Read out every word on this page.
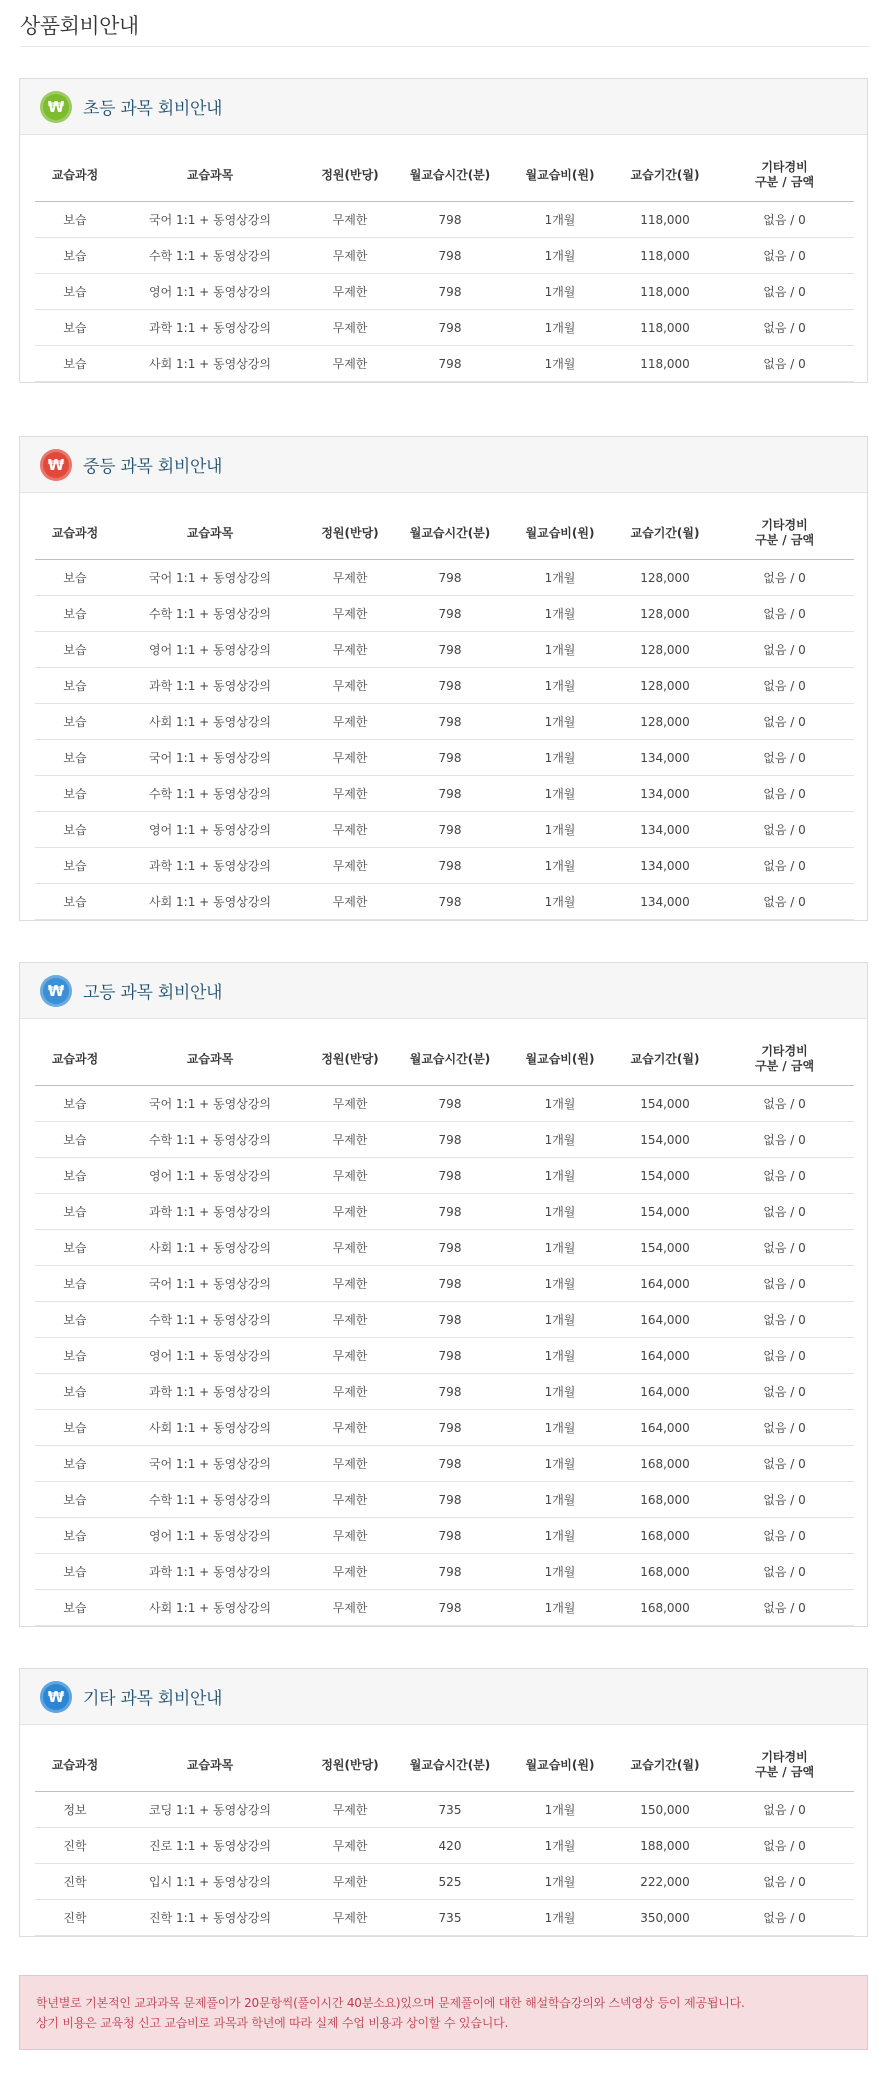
상품회비안내
₩	초등 과목 회비안내
교습과정	교습과목	정원(반당)	월교습시간(분)	월교습비(원)	교습기간(월)	기타경비
구분 / 금액
보습	국어 1:1 + 동영상강의	무제한	798	1개월	118,000	없음 / 0
보습	수학 1:1 + 동영상강의	무제한	798	1개월	118,000	없음 / 0
보습	영어 1:1 + 동영상강의	무제한	798	1개월	118,000	없음 / 0
보습	과학 1:1 + 동영상강의	무제한	798	1개월	118,000	없음 / 0
보습	사회 1:1 + 동영상강의	무제한	798	1개월	118,000	없음 / 0
₩	중등 과목 회비안내
교습과정	교습과목	정원(반당)	월교습시간(분)	월교습비(원)	교습기간(월)	기타경비
구분 / 금액
보습	국어 1:1 + 동영상강의	무제한	798	1개월	128,000	없음 / 0
보습	수학 1:1 + 동영상강의	무제한	798	1개월	128,000	없음 / 0
보습	영어 1:1 + 동영상강의	무제한	798	1개월	128,000	없음 / 0
보습	과학 1:1 + 동영상강의	무제한	798	1개월	128,000	없음 / 0
보습	사회 1:1 + 동영상강의	무제한	798	1개월	128,000	없음 / 0
보습	국어 1:1 + 동영상강의	무제한	798	1개월	134,000	없음 / 0
보습	수학 1:1 + 동영상강의	무제한	798	1개월	134,000	없음 / 0
보습	영어 1:1 + 동영상강의	무제한	798	1개월	134,000	없음 / 0
보습	과학 1:1 + 동영상강의	무제한	798	1개월	134,000	없음 / 0
보습	사회 1:1 + 동영상강의	무제한	798	1개월	134,000	없음 / 0
₩	고등 과목 회비안내
교습과정	교습과목	정원(반당)	월교습시간(분)	월교습비(원)	교습기간(월)	기타경비
구분 / 금액
보습	국어 1:1 + 동영상강의	무제한	798	1개월	154,000	없음 / 0
보습	수학 1:1 + 동영상강의	무제한	798	1개월	154,000	없음 / 0
보습	영어 1:1 + 동영상강의	무제한	798	1개월	154,000	없음 / 0
보습	과학 1:1 + 동영상강의	무제한	798	1개월	154,000	없음 / 0
보습	사회 1:1 + 동영상강의	무제한	798	1개월	154,000	없음 / 0
보습	국어 1:1 + 동영상강의	무제한	798	1개월	164,000	없음 / 0
보습	수학 1:1 + 동영상강의	무제한	798	1개월	164,000	없음 / 0
보습	영어 1:1 + 동영상강의	무제한	798	1개월	164,000	없음 / 0
보습	과학 1:1 + 동영상강의	무제한	798	1개월	164,000	없음 / 0
보습	사회 1:1 + 동영상강의	무제한	798	1개월	164,000	없음 / 0
보습	국어 1:1 + 동영상강의	무제한	798	1개월	168,000	없음 / 0
보습	수학 1:1 + 동영상강의	무제한	798	1개월	168,000	없음 / 0
보습	영어 1:1 + 동영상강의	무제한	798	1개월	168,000	없음 / 0
보습	과학 1:1 + 동영상강의	무제한	798	1개월	168,000	없음 / 0
보습	사회 1:1 + 동영상강의	무제한	798	1개월	168,000	없음 / 0
₩	기타 과목 회비안내
교습과정	교습과목	정원(반당)	월교습시간(분)	월교습비(원)	교습기간(월)	기타경비
구분 / 금액
정보	코딩 1:1 + 동영상강의	무제한	735	1개월	150,000	없음 / 0
진학	진로 1:1 + 동영상강의	무제한	420	1개월	188,000	없음 / 0
진학	입시 1:1 + 동영상강의	무제한	525	1개월	222,000	없음 / 0
진학	진학 1:1 + 동영상강의	무제한	735	1개월	350,000	없음 / 0

학년별로 기본적인 교과과목 문제풀이가 20문항씩(풀이시간 40분소요)있으며 문제풀이에 대한 해설학습강의와 스넥영상 등이 제공됩니다.

상기 비용은 교육청 신고 교습비로 과목과 학년에 따라 실제 수업 비용과 상이할 수 있습니다.
